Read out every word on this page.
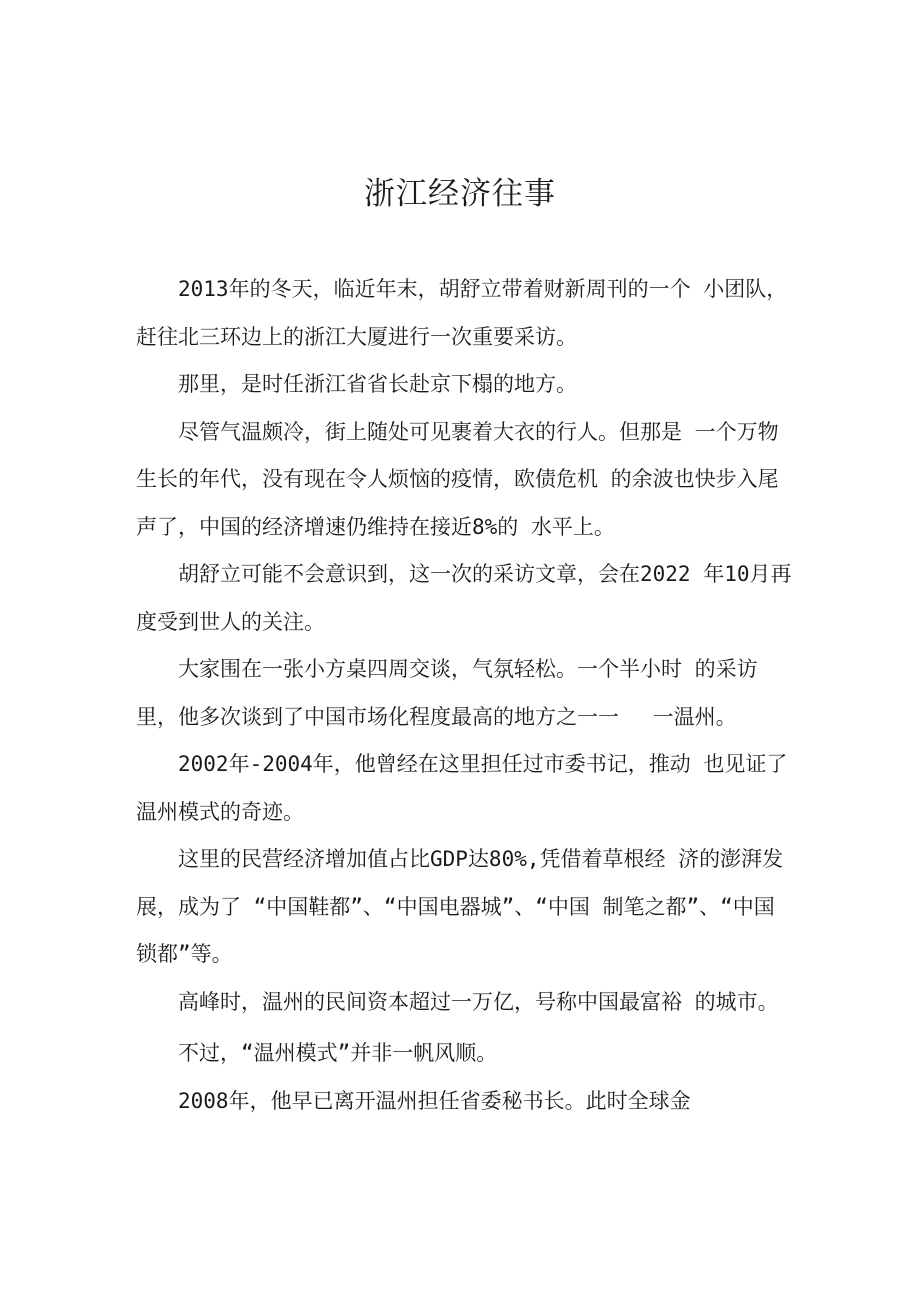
浙江经济往事

2013年的冬天，临近年末，胡舒立带着财新周刊的一个 小团队，赶往北三环边上的浙江大厦进行一次重要采访。

那里，是时任浙江省省长赴京下榻的地方。

尽管气温颇冷，街上随处可见裹着大衣的行人。但那是 一个万物生长的年代，没有现在令人烦恼的疫情，欧债危机 的余波也快步入尾声了，中国的经济增速仍维持在接近8%的 水平上。

胡舒立可能不会意识到，这一次的采访文章，会在2022 年10月再度受到世人的关注。

大家围在一张小方桌四周交谈，气氛轻松。一个半小时 的采访里，他多次谈到了中国市场化程度最高的地方之一一　 一温州。

2002年-2004年，他曾经在这里担任过市委书记，推动 也见证了温州模式的奇迹。

这里的民营经济增加值占比GDP达80%,凭借着草根经 济的澎湃发展，成为了 “中国鞋都”、“中国电器城”、“中国 制笔之都”、“中国锁都”等。

高峰时，温州的民间资本超过一万亿，号称中国最富裕 的城市。

不过，“温州模式”并非一帆风顺。

2008年，他早已离开温州担任省委秘书长。此时全球金
